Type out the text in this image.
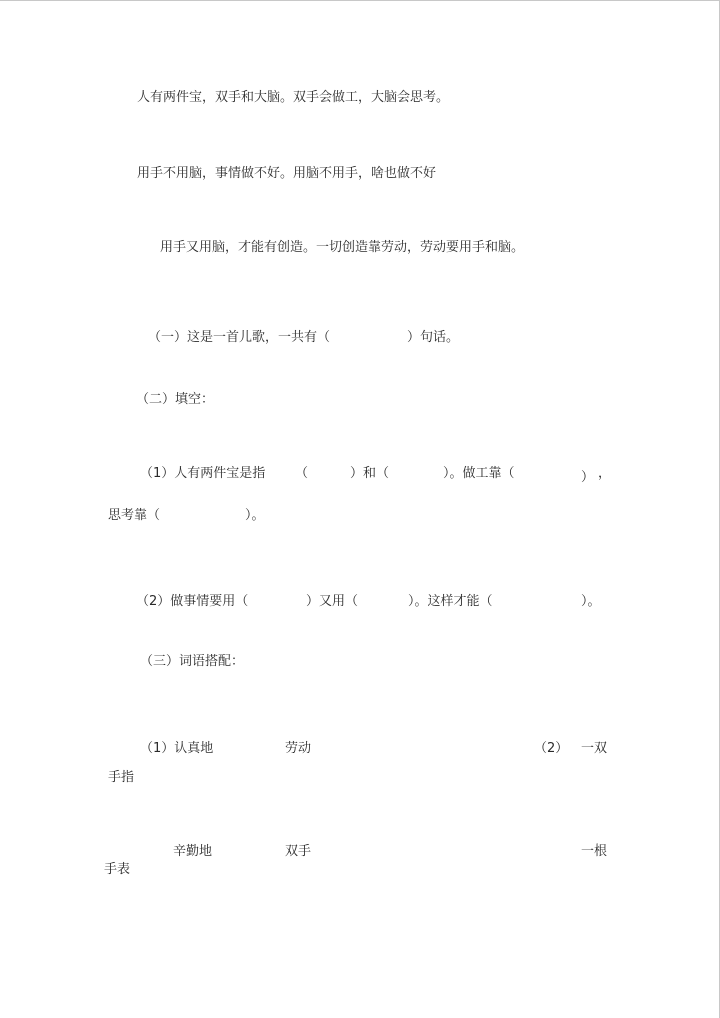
人有两件宝，双手和大脑。双手会做工，大脑会思考。
用手不用脑，事情做不好。用脑不用手，啥也做不好
用手又用脑，才能有创造。一切创造靠劳动，劳动要用手和脑。
（一）这是一首儿歌，一共有（	）句话。
（二）填空：
（1）人有两件宝是指 （	）和（	）。做工靠（	） ，
思考靠（	）。
（2）做事情要用（	）又用（	）。这样才能（	）。
（三）词语搭配：
（1）认真地	劳动	（2） 一双
手指
辛勤地	双手	一根
手表
